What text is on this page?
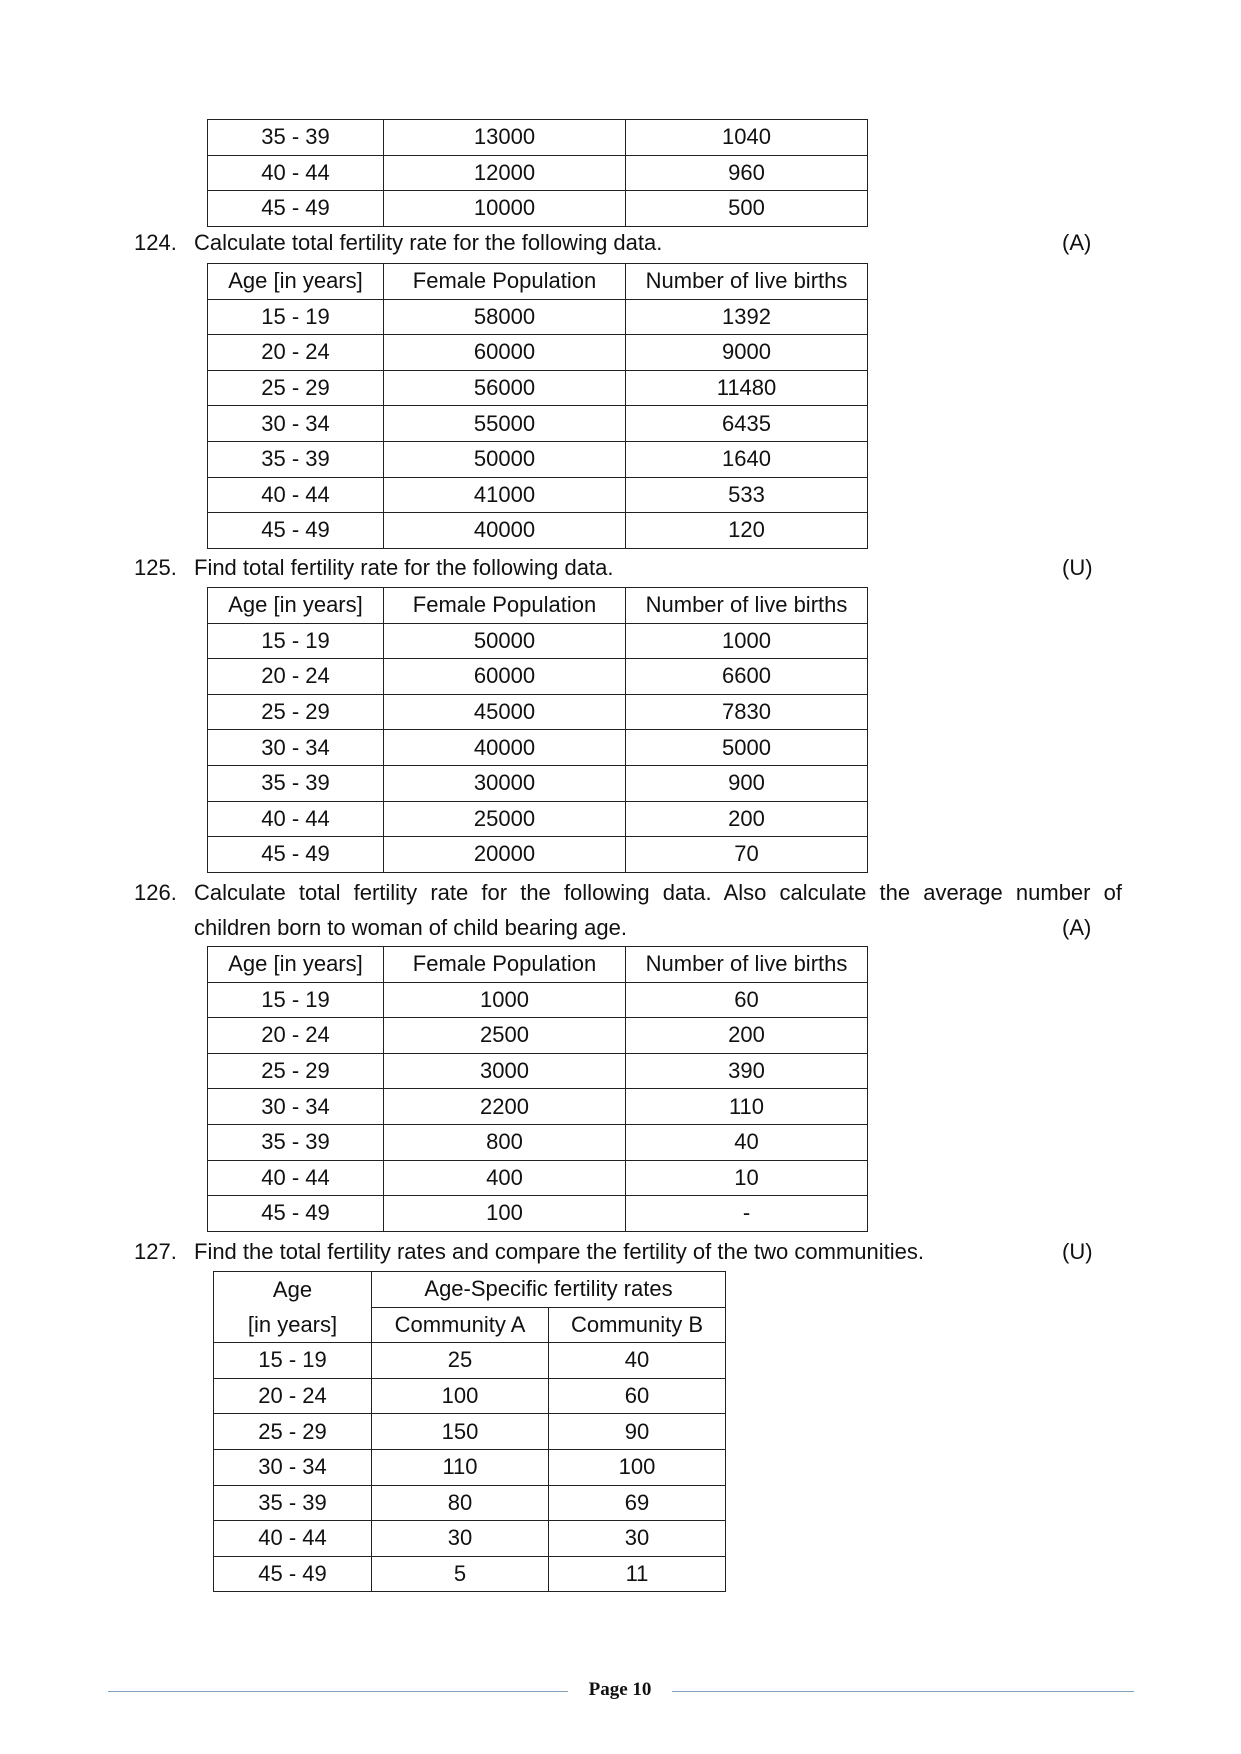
35 - 39	13000	1040
40 - 44	12000	960
45 - 49	10000	500
124. Calculate total fertility rate for the following data.	(A)
Age [in years]	Female Population	Number of live births
15 - 19	58000	1392
20 - 24	60000	9000
25 - 29	56000	11480
30 - 34	55000	6435
35 - 39	50000	1640
40 - 44	41000	533
45 - 49	40000	120
125. Find total fertility rate for the following data.	(U)
Age [in years]	Female Population	Number of live births
15 - 19	50000	1000
20 - 24	60000	6600
25 - 29	45000	7830
30 - 34	40000	5000
35 - 39	30000	900
40 - 44	25000	200
45 - 49	20000	70
126. Calculate total fertility rate for the following data. Also calculate the average number of
children born to woman of child bearing age.	(A)
Age [in years]	Female Population	Number of live births
15 - 19	1000	60
20 - 24	2500	200
25 - 29	3000	390
30 - 34	2200	110
35 - 39	800	40
40 - 44	400	10
45 - 49	100	-
127. Find the total fertility rates and compare the fertility of the two communities.	(U)
Age
[in years]	Age-Specific fertility rates	
	Community A	Community B
15 - 19	25	40
20 - 24	100	60
25 - 29	150	90
30 - 34	110	100
35 - 39	80	69
40 - 44	30	30
45 - 49	5	11
Page 10
